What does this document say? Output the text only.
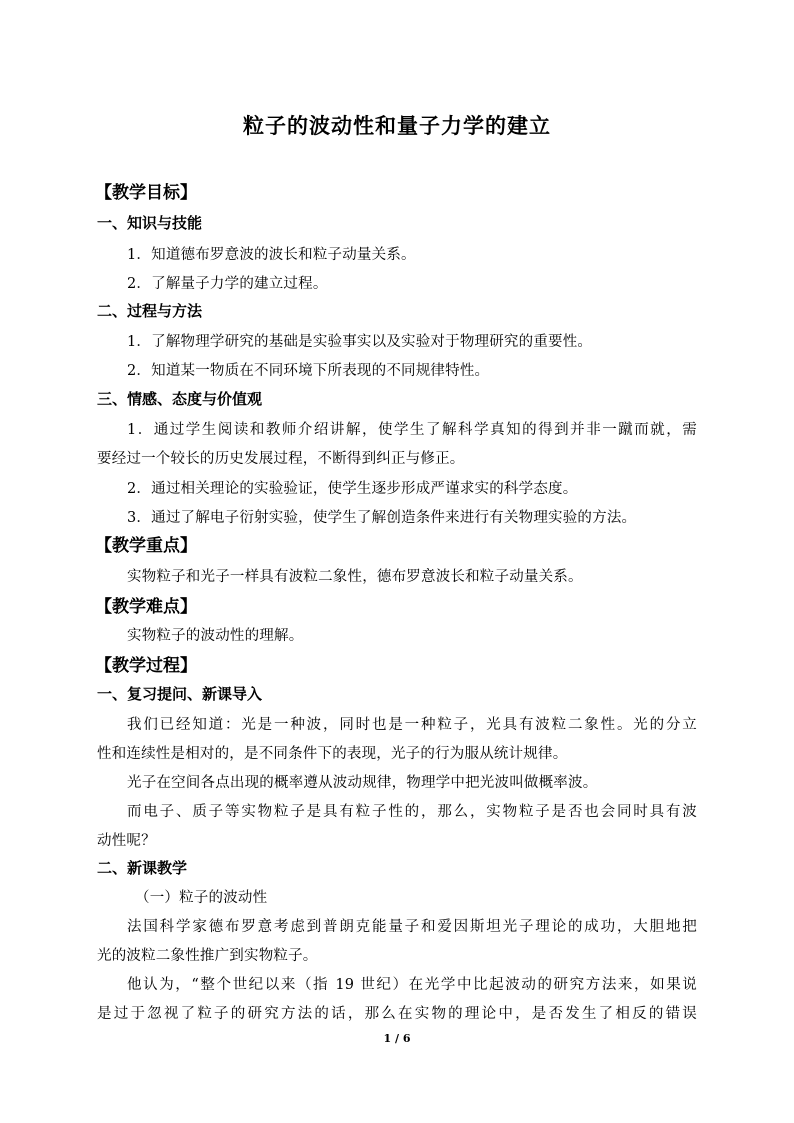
粒子的波动性和量子力学的建立
【教学目标】
一、知识与技能
1．知道德布罗意波的波长和粒子动量关系。
2．了解量子力学的建立过程。
二、过程与方法
1．了解物理学研究的基础是实验事实以及实验对于物理研究的重要性。
2．知道某一物质在不同环境下所表现的不同规律特性。
三、情感、态度与价值观
1．通过学生阅读和教师介绍讲解，使学生了解科学真知的得到并非一蹴而就，需
要经过一个较长的历史发展过程，不断得到纠正与修正。
2．通过相关理论的实验验证，使学生逐步形成严谨求实的科学态度。
3．通过了解电子衍射实验，使学生了解创造条件来进行有关物理实验的方法。
【教学重点】
实物粒子和光子一样具有波粒二象性，德布罗意波长和粒子动量关系。
【教学难点】
实物粒子的波动性的理解。
【教学过程】
一、复习提问、新课导入
我们已经知道：光是一种波，同时也是一种粒子，光具有波粒二象性。光的分立
性和连续性是相对的，是不同条件下的表现，光子的行为服从统计规律。
光子在空间各点出现的概率遵从波动规律，物理学中把光波叫做概率波。
而电子、质子等实物粒子是具有粒子性的，那么，实物粒子是否也会同时具有波
动性呢？
二、新课教学
（一）粒子的波动性
法国科学家德布罗意考虑到普朗克能量子和爱因斯坦光子理论的成功，大胆地把
光的波粒二象性推广到实物粒子。
他认为，“整个世纪以来（指 19 世纪）在光学中比起波动的研究方法来，如果说
是过于忽视了粒子的研究方法的话，那么在实物的理论中，是否发生了相反的错误
1 / 6
